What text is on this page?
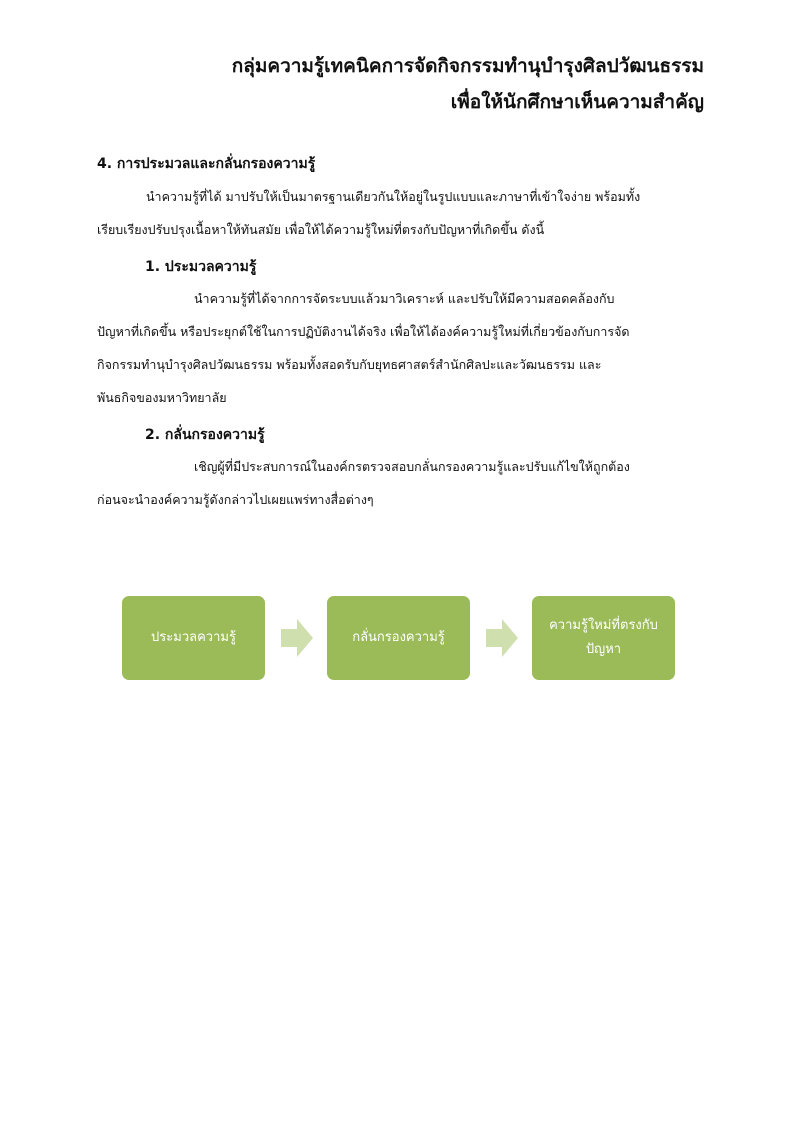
กลุ่มความรู้เทคนิคการจัดกิจกรรมทำนุบำรุงศิลปวัฒนธรรม
เพื่อให้นักศึกษาเห็นความสำคัญ
4. การประมวลและกลั่นกรองความรู้
นำความรู้ที่ได้ มาปรับให้เป็นมาตรฐานเดียวกันให้อยู่ในรูปแบบและภาษาที่เข้าใจง่าย พร้อมทั้ง
เรียบเรียงปรับปรุงเนื้อหาให้ทันสมัย เพื่อให้ได้ความรู้ใหม่ที่ตรงกับปัญหาที่เกิดขึ้น ดังนี้
1. ประมวลความรู้
นำความรู้ที่ได้จากการจัดระบบแล้วมาวิเคราะห์ และปรับให้มีความสอดคล้องกับ
ปัญหาที่เกิดขึ้น หรือประยุกต์ใช้ในการปฏิบัติงานได้จริง เพื่อให้ได้องค์ความรู้ใหม่ที่เกี่ยวข้องกับการจัด
กิจกรรมทำนุบำรุงศิลปวัฒนธรรม พร้อมทั้งสอดรับกับยุทธศาสตร์สำนักศิลปะและวัฒนธรรม และ
พันธกิจของมหาวิทยาลัย
2. กลั่นกรองความรู้
เชิญผู้ที่มีประสบการณ์ในองค์กรตรวจสอบกลั่นกรองความรู้และปรับแก้ไขให้ถูกต้อง
ก่อนจะนำองค์ความรู้ดังกล่าวไปเผยแพร่ทางสื่อต่างๆ
ประมวลความรู้	กลั่นกรองความรู้
ความรู้ใหม่ที่ตรงกับปัญหา
